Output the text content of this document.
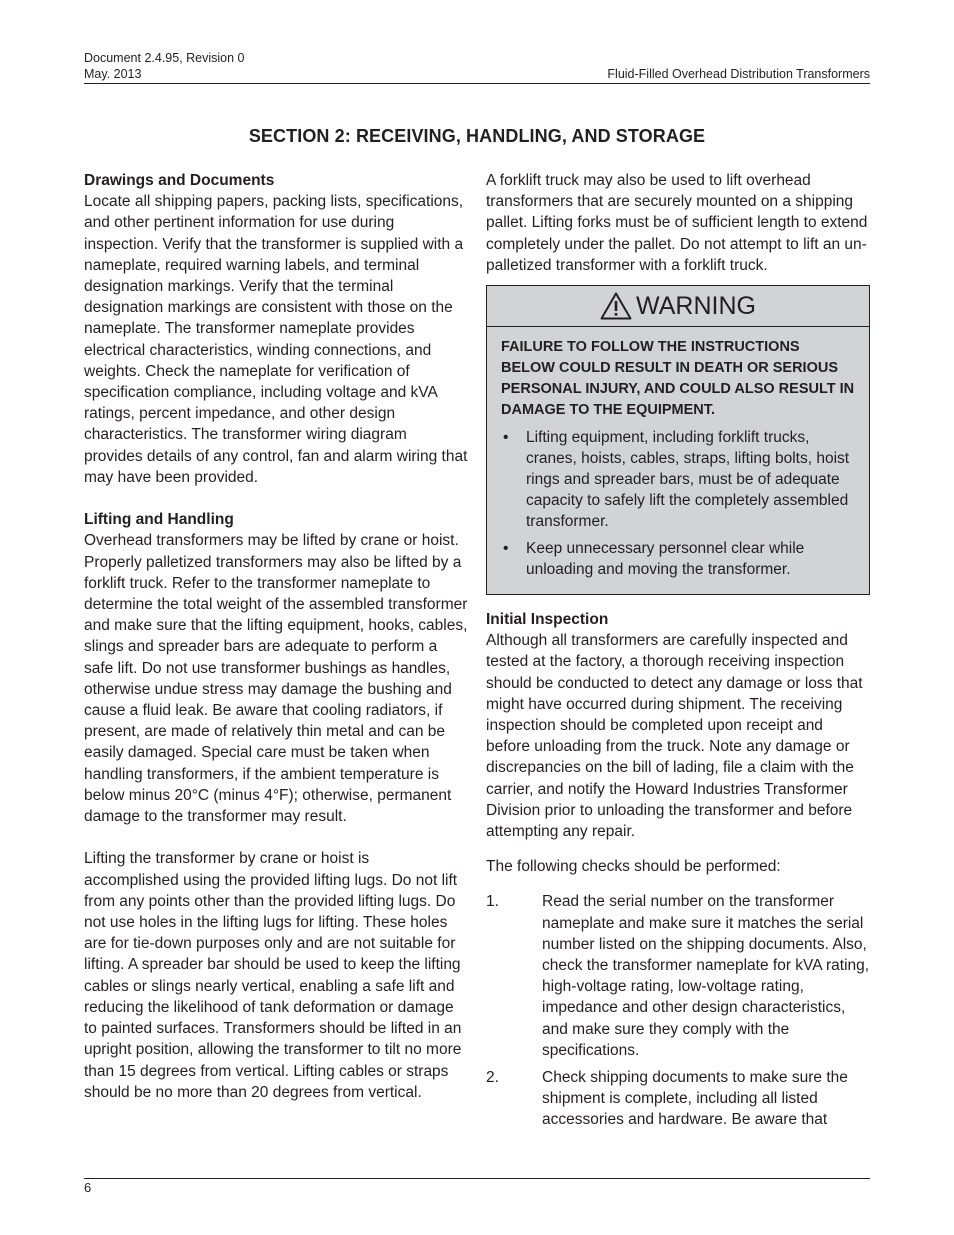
Document 2.4.95, Revision 0
May. 2013	Fluid-Filled Overhead Distribution Transformers
SECTION 2: RECEIVING, HANDLING, AND STORAGE

Drawings and Documents

Locate all shipping papers, packing lists, specifications, and other pertinent information for use during inspection. Verify that the transformer is supplied with a nameplate, required warning labels, and terminal designation markings. Verify that the terminal designation markings are consistent with those on the nameplate. The transformer nameplate provides electrical characteristics, winding connections, and weights. Check the nameplate for verification of specification compliance, including voltage and kVA ratings, percent impedance, and other design characteristics. The transformer wiring diagram provides details of any control, fan and alarm wiring that may have been provided.

Lifting and Handling

Overhead transformers may be lifted by crane or hoist. Properly palletized transformers may also be lifted by a forklift truck. Refer to the transformer nameplate to determine the total weight of the assembled transformer and make sure that the lifting equipment, hooks, cables, slings and spreader bars are adequate to perform a safe lift. Do not use transformer bushings as handles, otherwise undue stress may damage the bushing and cause a fluid leak. Be aware that cooling radiators, if present, are made of relatively thin metal and can be easily damaged. Special care must be taken when handling transformers, if the ambient temperature is below minus 20°C (minus 4°F); otherwise, permanent damage to the transformer may result.

Lifting the transformer by crane or hoist is accomplished using the provided lifting lugs. Do not lift from any points other than the provided lifting lugs. Do not use holes in the lifting lugs for lifting. These holes are for tie-down purposes only and are not suitable for lifting. A spreader bar should be used to keep the lifting cables or slings nearly vertical, enabling a safe lift and reducing the likelihood of tank deformation or damage to painted surfaces. Transformers should be lifted in an upright position, allowing the transformer to tilt no more than 15 degrees from vertical. Lifting cables or straps should be no more than 20 degrees from vertical.

A forklift truck may also be used to lift overhead transformers that are securely mounted on a shipping pallet. Lifting forks must be of sufficient length to extend completely under the pallet. Do not attempt to lift an un-palletized transformer with a forklift truck.

WARNING
FAILURE TO FOLLOW THE INSTRUCTIONS BELOW COULD RESULT IN DEATH OR SERIOUS PERSONAL INJURY, AND COULD ALSO RESULT IN DAMAGE TO THE EQUIPMENT.
• Lifting equipment, including forklift trucks, cranes, hoists, cables, straps, lifting bolts, hoist rings and spreader bars, must be of adequate capacity to safely lift the completely assembled transformer.
• Keep unnecessary personnel clear while unloading and moving the transformer.

Initial Inspection

Although all transformers are carefully inspected and tested at the factory, a thorough receiving inspection should be conducted to detect any damage or loss that might have occurred during shipment. The receiving inspection should be completed upon receipt and before unloading from the truck. Note any damage or discrepancies on the bill of lading, file a claim with the carrier, and notify the Howard Industries Transformer Division prior to unloading the transformer and before attempting any repair.

The following checks should be performed:

1.	Read the serial number on the transformer nameplate and make sure it matches the serial number listed on the shipping documents. Also, check the transformer nameplate for kVA rating, high-voltage rating, low-voltage rating, impedance and other design characteristics, and make sure they comply with the specifications.
2.	Check shipping documents to make sure the shipment is complete, including all listed accessories and hardware. Be aware that
6
